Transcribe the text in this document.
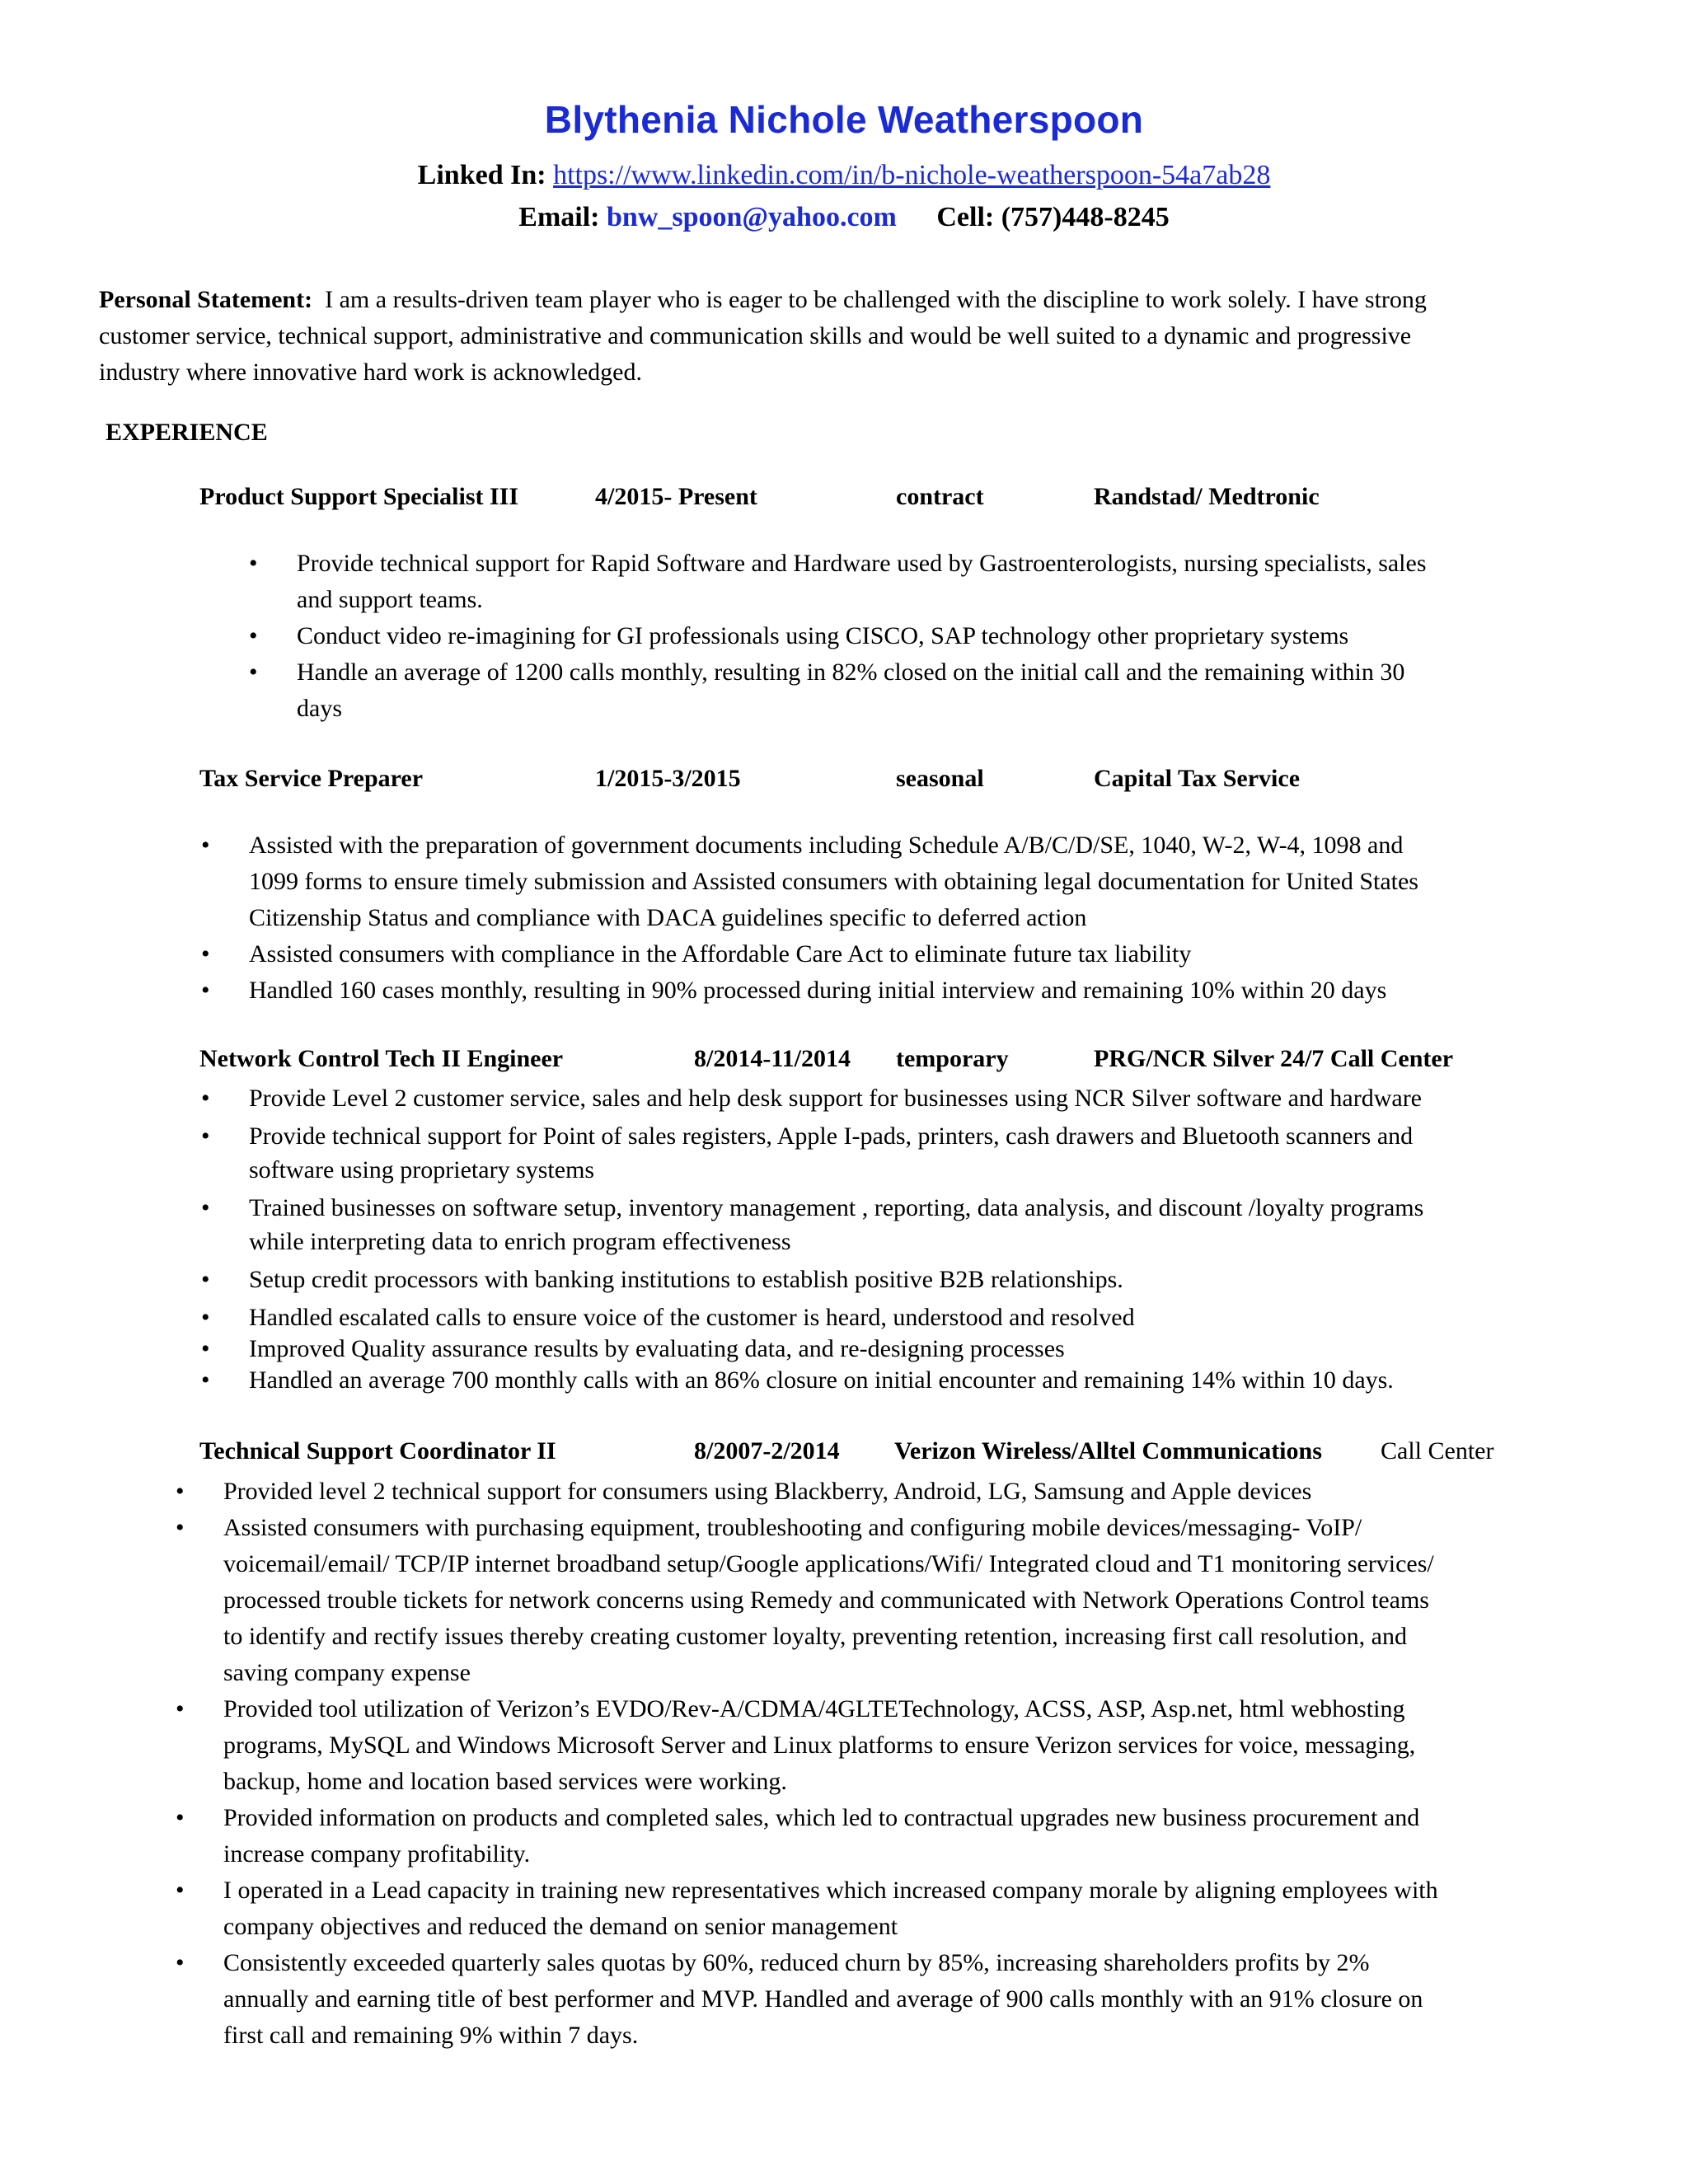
Blythenia Nichole Weatherspoon
Linked In: https://www.linkedin.com/in/b-nichole-weatherspoon-54a7ab28
Email: bnw_spoon@yahoo.com Cell: (757)448-8245
Personal Statement: I am a results-driven team player who is eager to be challenged with the discipline to work solely. I have strong
customer service, technical support, administrative and communication skills and would be well suited to a dynamic and progressive
industry where innovative hard work is acknowledged.
EXPERIENCE
Product Support Specialist III	4/2015- Present	contract	Randstad/ Medtronic
• Provide technical support for Rapid Software and Hardware used by Gastroenterologists, nursing specialists, sales
and support teams.
• Conduct video re-imagining for GI professionals using CISCO, SAP technology other proprietary systems
• Handle an average of 1200 calls monthly, resulting in 82% closed on the initial call and the remaining within 30
days
Tax Service Preparer	1/2015-3/2015	seasonal	Capital Tax Service
• Assisted with the preparation of government documents including Schedule A/B/C/D/SE, 1040, W-2, W-4, 1098 and
1099 forms to ensure timely submission and Assisted consumers with obtaining legal documentation for United States
Citizenship Status and compliance with DACA guidelines specific to deferred action
• Assisted consumers with compliance in the Affordable Care Act to eliminate future tax liability
• Handled 160 cases monthly, resulting in 90% processed during initial interview and remaining 10% within 20 days
Network Control Tech II Engineer	8/2014-11/2014 temporary	PRG/NCR Silver 24/7 Call Center
• Provide Level 2 customer service, sales and help desk support for businesses using NCR Silver software and hardware
• Provide technical support for Point of sales registers, Apple I-pads, printers, cash drawers and Bluetooth scanners and
software using proprietary systems
• Trained businesses on software setup, inventory management , reporting, data analysis, and discount /loyalty programs
while interpreting data to enrich program effectiveness
• Setup credit processors with banking institutions to establish positive B2B relationships.
• Handled escalated calls to ensure voice of the customer is heard, understood and resolved
• Improved Quality assurance results by evaluating data, and re-designing processes
• Handled an average 700 monthly calls with an 86% closure on initial encounter and remaining 14% within 10 days.
Technical Support Coordinator II	8/2007-2/2014 Verizon Wireless/Alltel Communications Call Center
• Provided level 2 technical support for consumers using Blackberry, Android, LG, Samsung and Apple devices
• Assisted consumers with purchasing equipment, troubleshooting and configuring mobile devices/messaging- VoIP/
voicemail/email/ TCP/IP internet broadband setup/Google applications/Wifi/ Integrated cloud and T1 monitoring services/
processed trouble tickets for network concerns using Remedy and communicated with Network Operations Control teams
to identify and rectify issues thereby creating customer loyalty, preventing retention, increasing first call resolution, and
saving company expense
• Provided tool utilization of Verizon’s EVDO/Rev-A/CDMA/4GLTETechnology, ACSS, ASP, Asp.net, html webhosting
programs, MySQL and Windows Microsoft Server and Linux platforms to ensure Verizon services for voice, messaging,
backup, home and location based services were working.
• Provided information on products and completed sales, which led to contractual upgrades new business procurement and
increase company profitability.
• I operated in a Lead capacity in training new representatives which increased company morale by aligning employees with
company objectives and reduced the demand on senior management
• Consistently exceeded quarterly sales quotas by 60%, reduced churn by 85%, increasing shareholders profits by 2%
annually and earning title of best performer and MVP. Handled and average of 900 calls monthly with an 91% closure on
first call and remaining 9% within 7 days.
